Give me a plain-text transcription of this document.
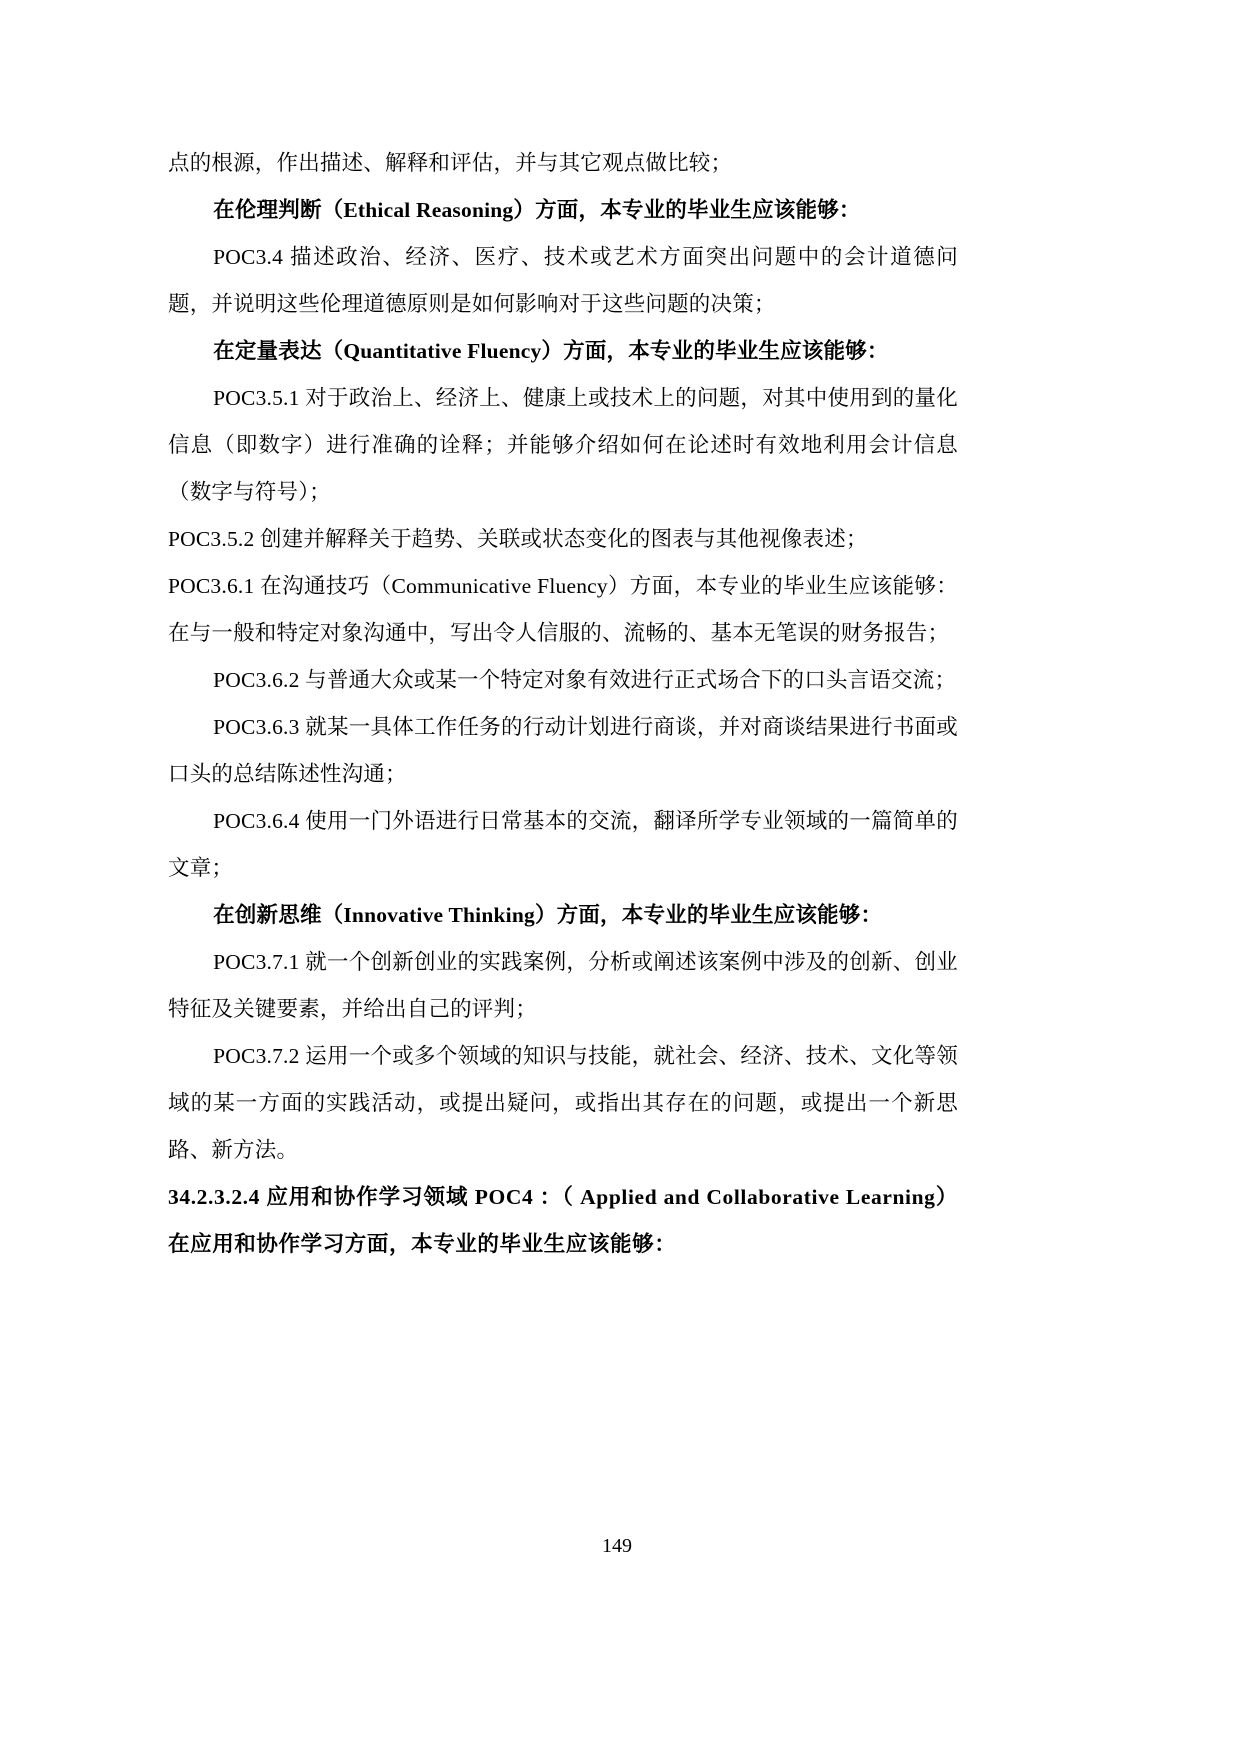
点的根源，作出描述、解释和评估，并与其它观点做比较；

在伦理判断（Ethical Reasoning）方面，本专业的毕业生应该能够：

POC3.4 描述政治、经济、医疗、技术或艺术方面突出问题中的会计道德问题，并说明这些伦理道德原则是如何影响对于这些问题的决策；

在定量表达（Quantitative Fluency）方面，本专业的毕业生应该能够：

POC3.5.1 对于政治上、经济上、健康上或技术上的问题，对其中使用到的量化信息（即数字）进行准确的诠释；并能够介绍如何在论述时有效地利用会计信息（数字与符号）；

POC3.5.2 创建并解释关于趋势、关联或状态变化的图表与其他视像表述；

POC3.6.1 在沟通技巧（Communicative Fluency）方面，本专业的毕业生应该能够： 在与一般和特定对象沟通中，写出令人信服的、流畅的、基本无笔误的财务报告；

POC3.6.2 与普通大众或某一个特定对象有效进行正式场合下的口头言语交流；

POC3.6.3 就某一具体工作任务的行动计划进行商谈，并对商谈结果进行书面或口头的总结陈述性沟通；

POC3.6.4 使用一门外语进行日常基本的交流，翻译所学专业领域的一篇简单的文章；

在创新思维（Innovative Thinking）方面，本专业的毕业生应该能够：

POC3.7.1 就一个创新创业的实践案例，分析或阐述该案例中涉及的创新、创业特征及关键要素，并给出自己的评判；

POC3.7.2 运用一个或多个领域的知识与技能，就社会、经济、技术、文化等领域的某一方面的实践活动，或提出疑问，或指出其存在的问题，或提出一个新思路、新方法。

34.2.3.2.4 应用和协作学习领域 POC4 ：（ Applied and Collaborative Learning）在应用和协作学习方面，本专业的毕业生应该能够：

149
